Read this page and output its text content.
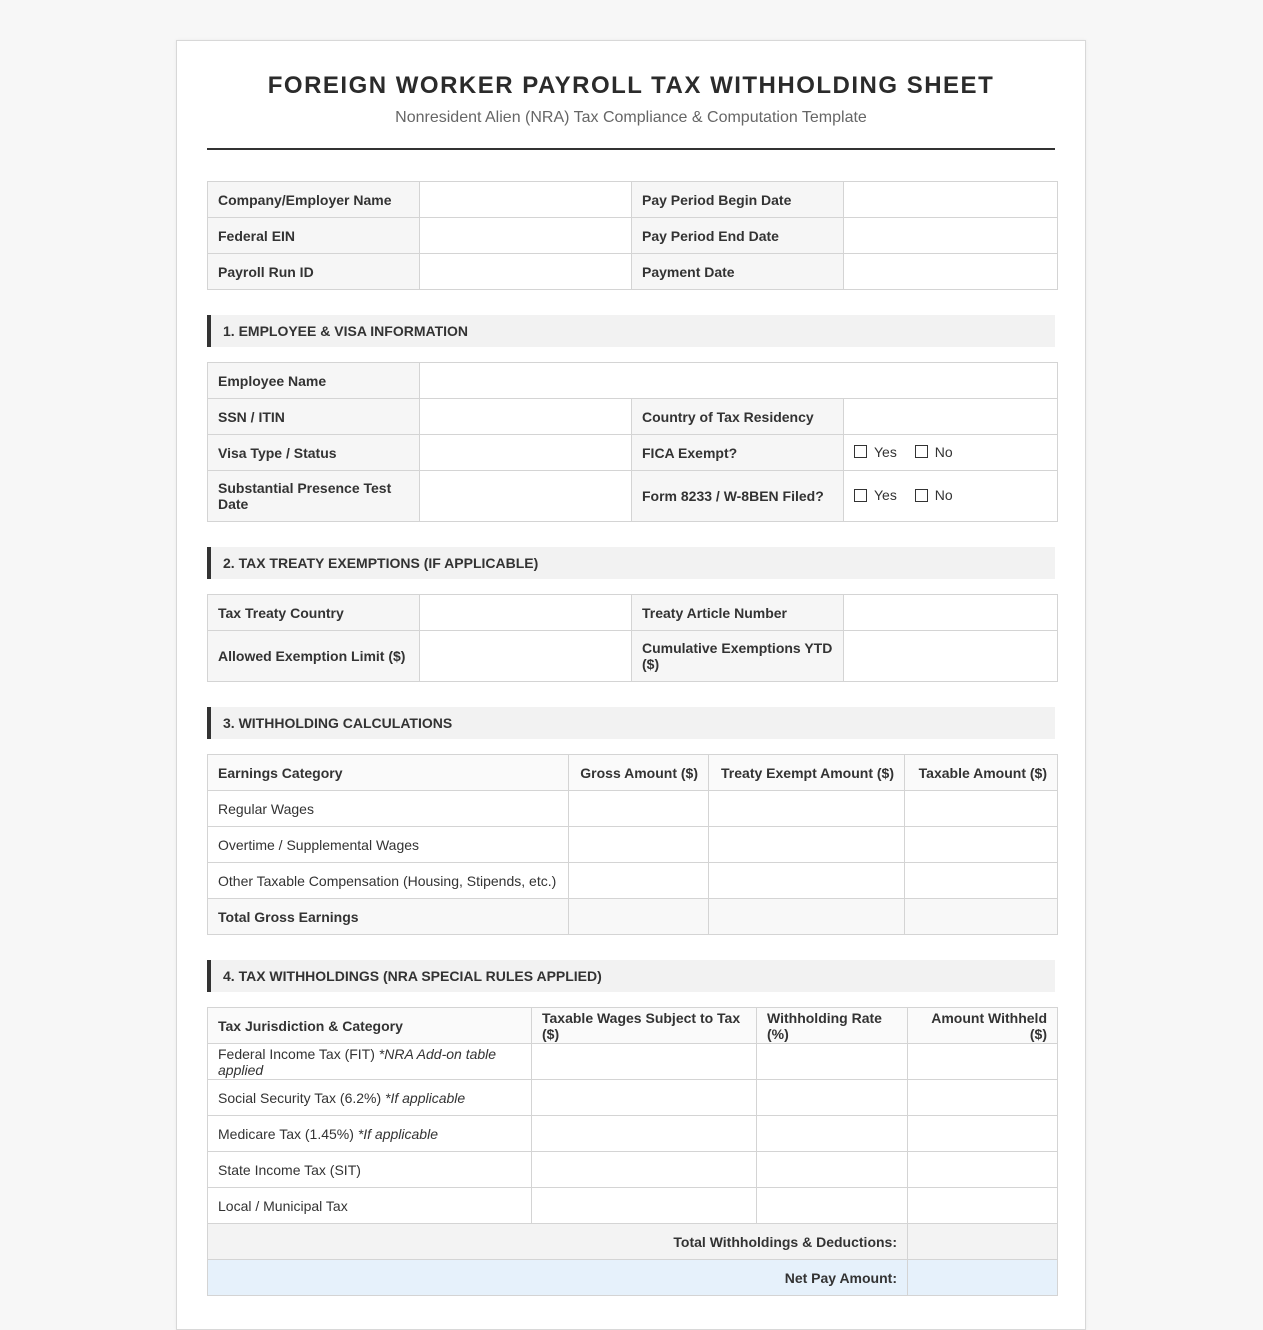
FOREIGN WORKER PAYROLL TAX WITHHOLDING SHEET
Nonresident Alien (NRA) Tax Compliance & Computation Template
Company/Employer Name		Pay Period Begin Date	
Federal EIN		Pay Period End Date	
Payroll Run ID		Payment Date	
1. EMPLOYEE & VISA INFORMATION
Employee Name			
SSN / ITIN		Country of Tax Residency	
Visa Type / Status		FICA Exempt?	Yes
No

Substantial Presence Test Date		Form 8233 / W-8BEN Filed?	Yes
No
2. TAX TREATY EXEMPTIONS (IF APPLICABLE)
Tax Treaty Country		Treaty Article Number	
Allowed Exemption Limit ($)		Cumulative Exemptions YTD ($)	
3. WITHHOLDING CALCULATIONS
Earnings Category	Gross Amount ($)	Treaty Exempt Amount ($)	Taxable Amount ($)
Regular Wages			
Overtime / Supplemental Wages			
Other Taxable Compensation (Housing, Stipends, etc.)			
Total Gross Earnings			
4. TAX WITHHOLDINGS (NRA SPECIAL RULES APPLIED)
Tax Jurisdiction & Category	Taxable Wages Subject to Tax ($)	Withholding Rate (%)	Amount Withheld ($)
Federal Income Tax (FIT) *NRA Add-on table applied			
Social Security Tax (6.2%) *If applicable			
Medicare Tax (1.45%) *If applicable			
State Income Tax (SIT)			
Local / Municipal Tax			
Total Withholdings & Deductions:			
Net Pay Amount:			
